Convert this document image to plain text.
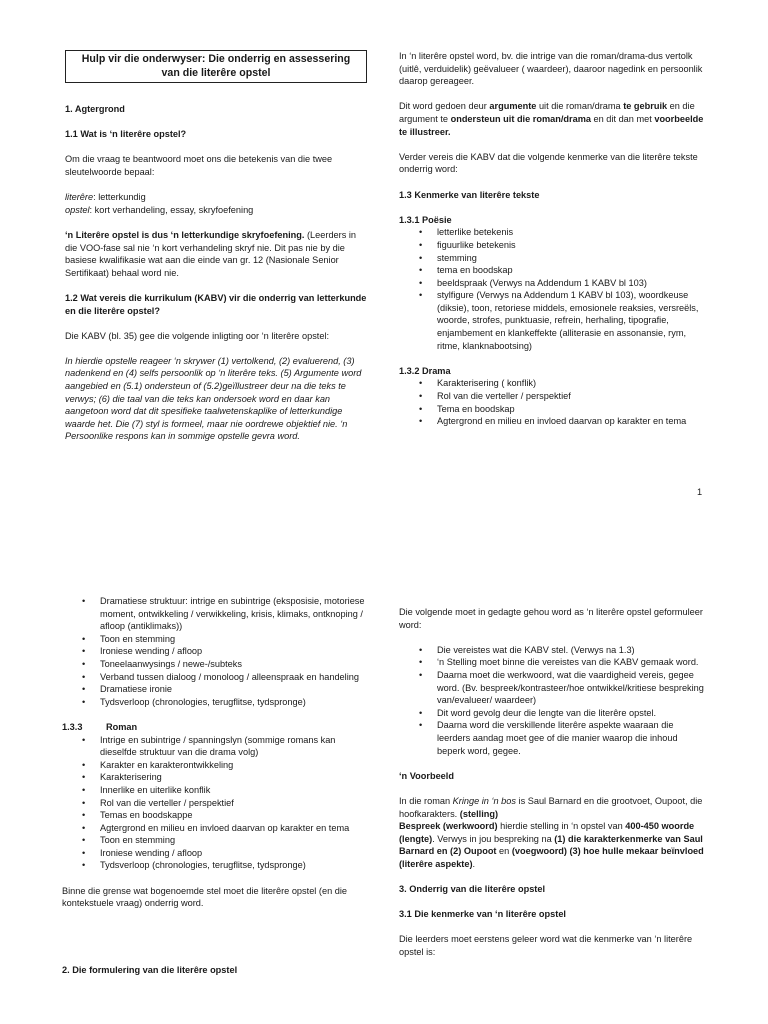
Hulp vir die onderwyser: Die onderrig en assessering
van die literêre opstel

1. Agtergrond

1.1 Wat is ‘n literêre opstel?

Om die vraag te beantwoord moet ons die betekenis van die twee sleutelwoorde bepaal:

literêre: letterkundig
opstel: kort verhandeling, essay, skryfoefening

‘n Literêre opstel is dus ‘n letterkundige skryfoefening. (Leerders in die VOO-fase sal nie ‘n kort verhandeling skryf nie. Dit pas nie by die basiese kwalifikasie wat aan die einde van gr. 12 (Nasionale Senior Sertifikaat) behaal word nie.

1.2 Wat vereis die kurrikulum (KABV) vir die onderrig van letterkunde en die literêre opstel?

Die KABV (bl. 35) gee die volgende inligting oor ‘n literêre opstel:

In hierdie opstelle reageer ‘n skrywer (1) vertolkend, (2) evaluerend, (3) nadenkend en (4) selfs persoonlik op ‘n literêre teks. (5) Argumente word aangebied en (5.1) ondersteun of (5.2)geïllustreer deur na die teks te verwys; (6) die taal van die teks kan ondersoek word en daar kan aangetoon word dat dit spesifieke taalwetenskaplike of letterkundige waarde het. Die (7) styl is formeel, maar nie oordrewe objektief nie. ‘n Persoonlike respons kan in sommige opstelle gevra word.

In ‘n literêre opstel word, bv. die intrige van die roman/drama-dus vertolk (uitlê, verduidelik) geëvalueer ( waardeer), daaroor nagedink en persoonlik daarop gereageer.

Dit word gedoen deur argumente uit die roman/drama te gebruik en die argument te ondersteun uit die roman/drama en dit dan met voorbeelde te illustreer.

Verder vereis die KABV dat die volgende kenmerke van die literêre tekste onderrig word:

1.3 Kenmerke van literêre tekste

1.3.1 Poësie
• letterlike betekenis
• figuurlike betekenis
• stemming
• tema en boodskap
• beeldspraak (Verwys na Addendum 1 KABV bl 103)
• stylfigure (Verwys na Addendum 1 KABV bl 103), woordkeuse (diksie), toon, retoriese middels, emosionele reaksies, versreëls, woorde, strofes, punktuasie, refrein, herhaling, tipografie, enjambement en klankeffekte (alliterasie en assonansie, rym, ritme, klanknabootsing)
1.3.2 Drama
• Karakterisering ( konflik)
• Rol van die verteller / perspektief
• Tema en boodskap
• Agtergrond en milieu en invloed daarvan op karakter en tema
1
• Dramatiese struktuur: intrige en subintrige (eksposisie, motoriese moment, ontwikkeling / verwikkeling, krisis, klimaks, ontknoping / afloop (antiklimaks))
• Toon en stemming
• Ironiese wending / afloop
• Toneelaanwysings / newe-/subteks
• Verband tussen dialoog / monoloog / alleenspraak en handeling
• Dramatiese ironie
• Tydsverloop (chronologies, terugflitse, tydspronge)
1.3.3	Roman
• Intrige en subintrige / spanningslyn (sommige romans kan dieselfde struktuur van die drama volg)
• Karakter en karakterontwikkeling
• Karakterisering
• Innerlike en uiterlike konflik
• Rol van die verteller / perspektief
• Temas en boodskappe
• Agtergrond en milieu en invloed daarvan op karakter en tema
• Toon en stemming
• Ironiese wending / afloop
• Tydsverloop (chronologies, terugflitse, tydspronge)

Binne die grense wat bogenoemde stel moet die literêre opstel (en die kontekstuele vraag) onderrig word.

2. Die formulering van die literêre opstel

Die volgende moet in gedagte gehou word as ‘n literêre opstel geformuleer word:

• Die vereistes wat die KABV stel. (Verwys na 1.3)
• ‘n Stelling moet binne die vereistes van die KABV gemaak word.
• Daarna moet die werkwoord, wat die vaardigheid vereis, gegee word. (Bv. bespreek/kontrasteer/hoe ontwikkel/kritiese bespreking van/evalueer/ waardeer)
• Dit word gevolg deur die lengte van die literêre opstel.
• Daarna word die verskillende literêre aspekte waaraan die leerders aandag moet gee of die manier waarop die inhoud beperk word, gegee.

‘n Voorbeeld

In die roman Kringe in ‘n bos is Saul Barnard en die grootvoet, Oupoot, die hoofkarakters. (stelling)
Bespreek (werkwoord) hierdie stelling in ‘n opstel van 400-450 woorde (lengte). Verwys in jou bespreking na (1) die karakterkenmerke van Saul Barnard en (2) Oupoot en (voegwoord) (3) hoe hulle mekaar beïnvloed (literêre aspekte).

3. Onderrig van die literêre opstel

3.1 Die kenmerke van ‘n literêre opstel

Die leerders moet eerstens geleer word wat die kenmerke van ‘n literêre opstel is:
